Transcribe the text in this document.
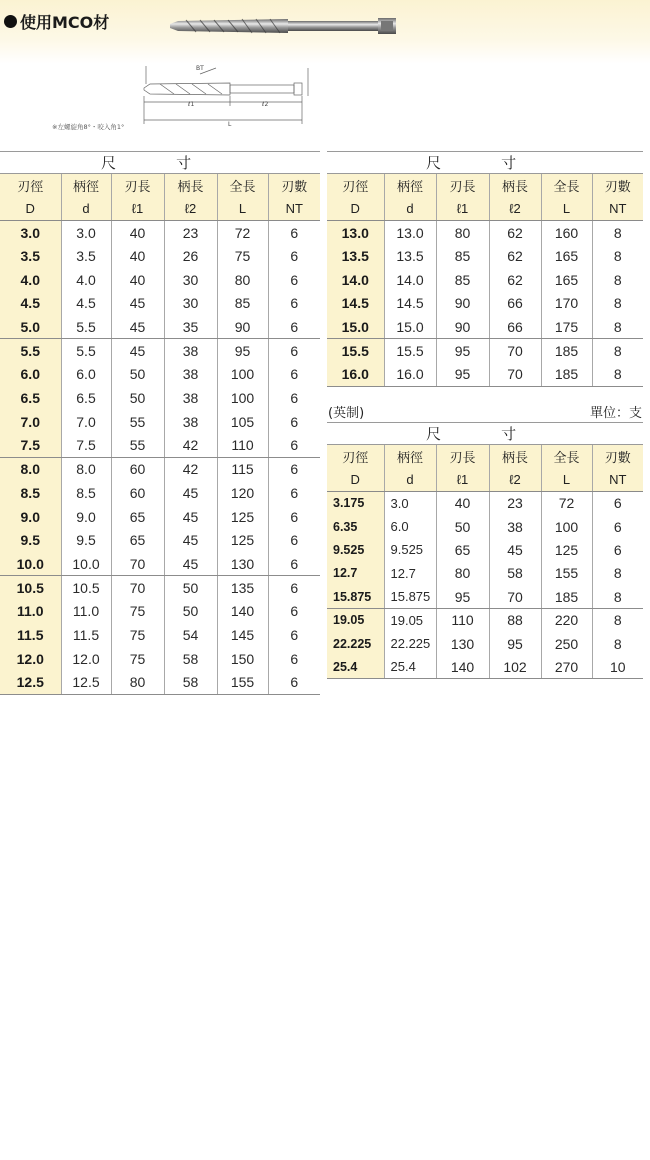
使用MCO材
ℓ1	ℓ2
L
BT
※左螺旋角8°・咬入角1°
尺 寸					
刃徑	柄徑	刃長	柄長	全長	刃數
D	d	ℓ1	ℓ2	L	NT
3.0	3.0	40	23	72	6
3.5	3.5	40	26	75	6
4.0	4.0	40	30	80	6
4.5	4.5	45	30	85	6
5.0	5.5	45	35	90	6
5.5	5.5	45	38	95	6
6.0	6.0	50	38	100	6
6.5	6.5	50	38	100	6
7.0	7.0	55	38	105	6
7.5	7.5	55	42	110	6
8.0	8.0	60	42	115	6
8.5	8.5	60	45	120	6
9.0	9.0	65	45	125	6
9.5	9.5	65	45	125	6
10.0	10.0	70	45	130	6
10.5	10.5	70	50	135	6
11.0	11.0	75	50	140	6
11.5	11.5	75	54	145	6
12.0	12.0	75	58	150	6
12.5	12.5	80	58	155	6
尺 寸					
刃徑	柄徑	刃長	柄長	全長	刃數
D	d	ℓ1	ℓ2	L	NT
13.0	13.0	80	62	160	8
13.5	13.5	85	62	165	8
14.0	14.0	85	62	165	8
14.5	14.5	90	66	170	8
15.0	15.0	90	66	175	8
15.5	15.5	95	70	185	8
16.0	16.0	95	70	185	8
(英制)	單位：支
尺 寸					
刃徑	柄徑	刃長	柄長	全長	刃數
D	d	ℓ1	ℓ2	L	NT
3.175	3.0	40	23	72	6
6.35	6.0	50	38	100	6
9.525	9.525	65	45	125	6
12.7	12.7	80	58	155	8
15.875	15.875	95	70	185	8
19.05	19.05	110	88	220	8
22.225	22.225	130	95	250	8
25.4	25.4	140	102	270	10
